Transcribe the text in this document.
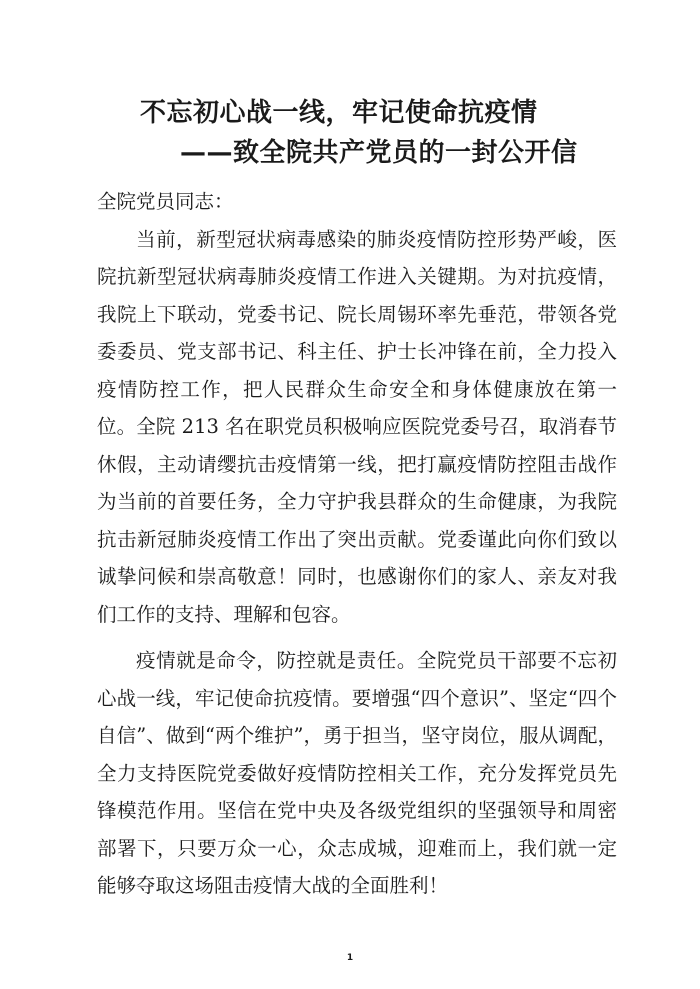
不忘初心战一线，牢记使命抗疫情
——致全院共产党员的一封公开信

全院党员同志：

当前，新型冠状病毒感染的肺炎疫情防控形势严峻，医院抗新型冠状病毒肺炎疫情工作进入关键期。为对抗疫情，我院上下联动，党委书记、院长周锡环率先垂范，带领各党委委员、党支部书记、科主任、护士长冲锋在前，全力投入疫情防控工作，把人民群众生命安全和身体健康放在第一位。全院 213 名在职党员积极响应医院党委号召，取消春节休假，主动请缨抗击疫情第一线，把打赢疫情防控阻击战作为当前的首要任务，全力守护我县群众的生命健康，为我院抗击新冠肺炎疫情工作出了突出贡献。党委谨此向你们致以诚挚问候和崇高敬意！同时，也感谢你们的家人、亲友对我们工作的支持、理解和包容。

疫情就是命令，防控就是责任。全院党员干部要不忘初心战一线，牢记使命抗疫情。要增强“四个意识”、坚定“四个自信”、做到“两个维护”，勇于担当，坚守岗位，服从调配，全力支持医院党委做好疫情防控相关工作，充分发挥党员先锋模范作用。坚信在党中央及各级党组织的坚强领导和周密部署下，只要万众一心，众志成城，迎难而上，我们就一定能够夺取这场阻击疫情大战的全面胜利！

1
